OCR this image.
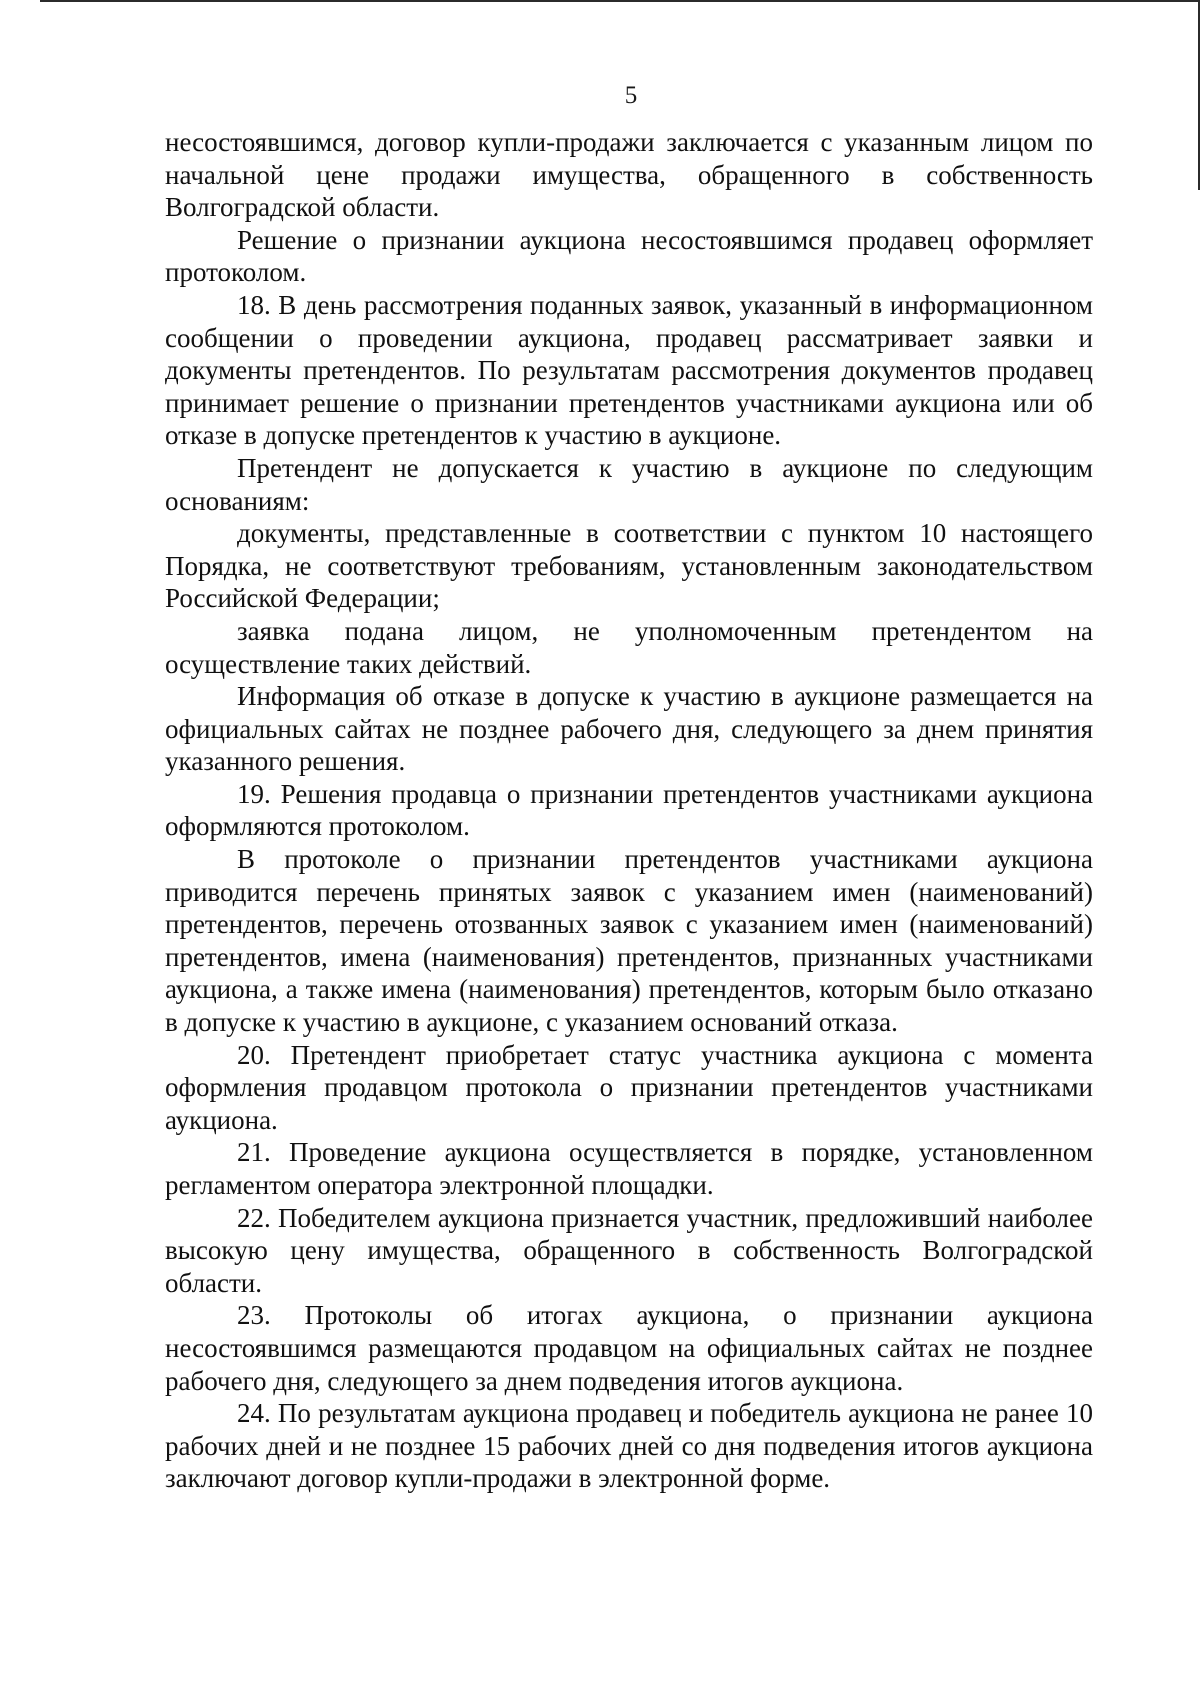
5

несостоявшимся, договор купли-продажи заключается с указанным лицом по начальной цене продажи имущества, обращенного в собственность Волгоградской области.

Решение о признании аукциона несостоявшимся продавец оформляет протоколом.

18. В день рассмотрения поданных заявок, указанный в информационном сообщении о проведении аукциона, продавец рассматривает заявки и документы претендентов. По результатам рассмотрения документов продавец принимает решение о признании претендентов участниками аукциона или об отказе в допуске претендентов к участию в аукционе.

Претендент не допускается к участию в аукционе по следующим основаниям:

документы, представленные в соответствии с пунктом 10 настоящего Порядка, не соответствуют требованиям, установленным законодательством Российской Федерации;

заявка подана лицом, не уполномоченным претендентом на осуществление таких действий.

Информация об отказе в допуске к участию в аукционе размещается на официальных сайтах не позднее рабочего дня, следующего за днем принятия указанного решения.

19. Решения продавца о признании претендентов участниками аукциона оформляются протоколом.

В протоколе о признании претендентов участниками аукциона приводится перечень принятых заявок с указанием имен (наименований) претендентов, перечень отозванных заявок с указанием имен (наименований) претендентов, имена (наименования) претендентов, признанных участниками аукциона, а также имена (наименования) претендентов, которым было отказано в допуске к участию в аукционе, с указанием оснований отказа.

20. Претендент приобретает статус участника аукциона с момента оформления продавцом протокола о признании претендентов участниками аукциона.

21. Проведение аукциона осуществляется в порядке, установленном регламентом оператора электронной площадки.

22. Победителем аукциона признается участник, предложивший наиболее высокую цену имущества, обращенного в собственность Волгоградской области.

23. Протоколы об итогах аукциона, о признании аукциона несостоявшимся размещаются продавцом на официальных сайтах не позднее рабочего дня, следующего за днем подведения итогов аукциона.

24. По результатам аукциона продавец и победитель аукциона не ранее 10 рабочих дней и не позднее 15 рабочих дней со дня подведения итогов аукциона заключают договор купли-продажи в электронной форме.
